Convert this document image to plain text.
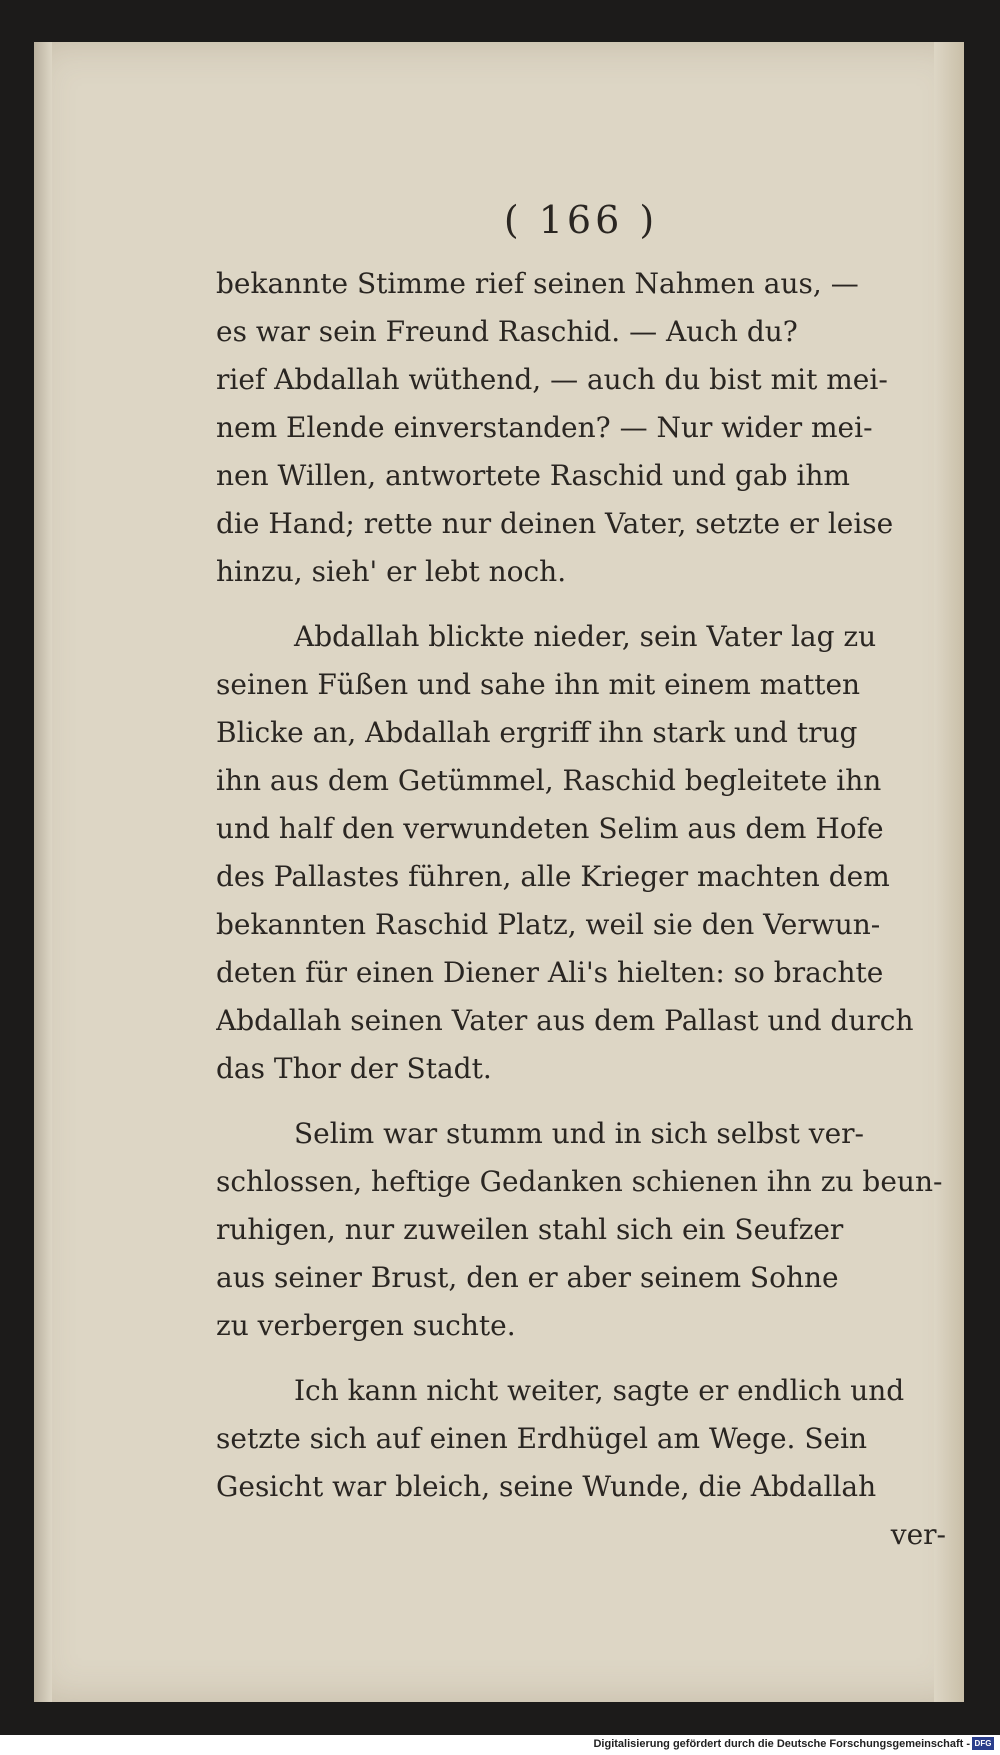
( 166 )

bekannte Stimme rief seinen Nahmen aus, —
es war sein Freund Raschid. — Auch du?
rief Abdallah wüthend, — auch du bist mit mei-
nem Elende einverstanden? — Nur wider mei-
nen Willen, antwortete Raschid und gab ihm
die Hand; rette nur deinen Vater, setzte er leise
hinzu, sieh' er lebt noch.

Abdallah blickte nieder, sein Vater lag zu
seinen Füßen und sahe ihn mit einem matten
Blicke an, Abdallah ergriff ihn stark und trug
ihn aus dem Getümmel, Raschid begleitete ihn
und half den verwundeten Selim aus dem Hofe
des Pallastes führen, alle Krieger machten dem
bekannten Raschid Platz, weil sie den Verwun-
deten für einen Diener Ali's hielten: so brachte
Abdallah seinen Vater aus dem Pallast und durch
das Thor der Stadt.

Selim war stumm und in sich selbst ver-
schlossen, heftige Gedanken schienen ihn zu beun-
ruhigen, nur zuweilen stahl sich ein Seufzer
aus seiner Brust, den er aber seinem Sohne
zu verbergen suchte.

Ich kann nicht weiter, sagte er endlich und
setzte sich auf einen Erdhügel am Wege. Sein
Gesicht war bleich, seine Wunde, die Abdallah

ver-
Digitalisierung gefördert durch die Deutsche Forschungsgemeinschaft - DFG
